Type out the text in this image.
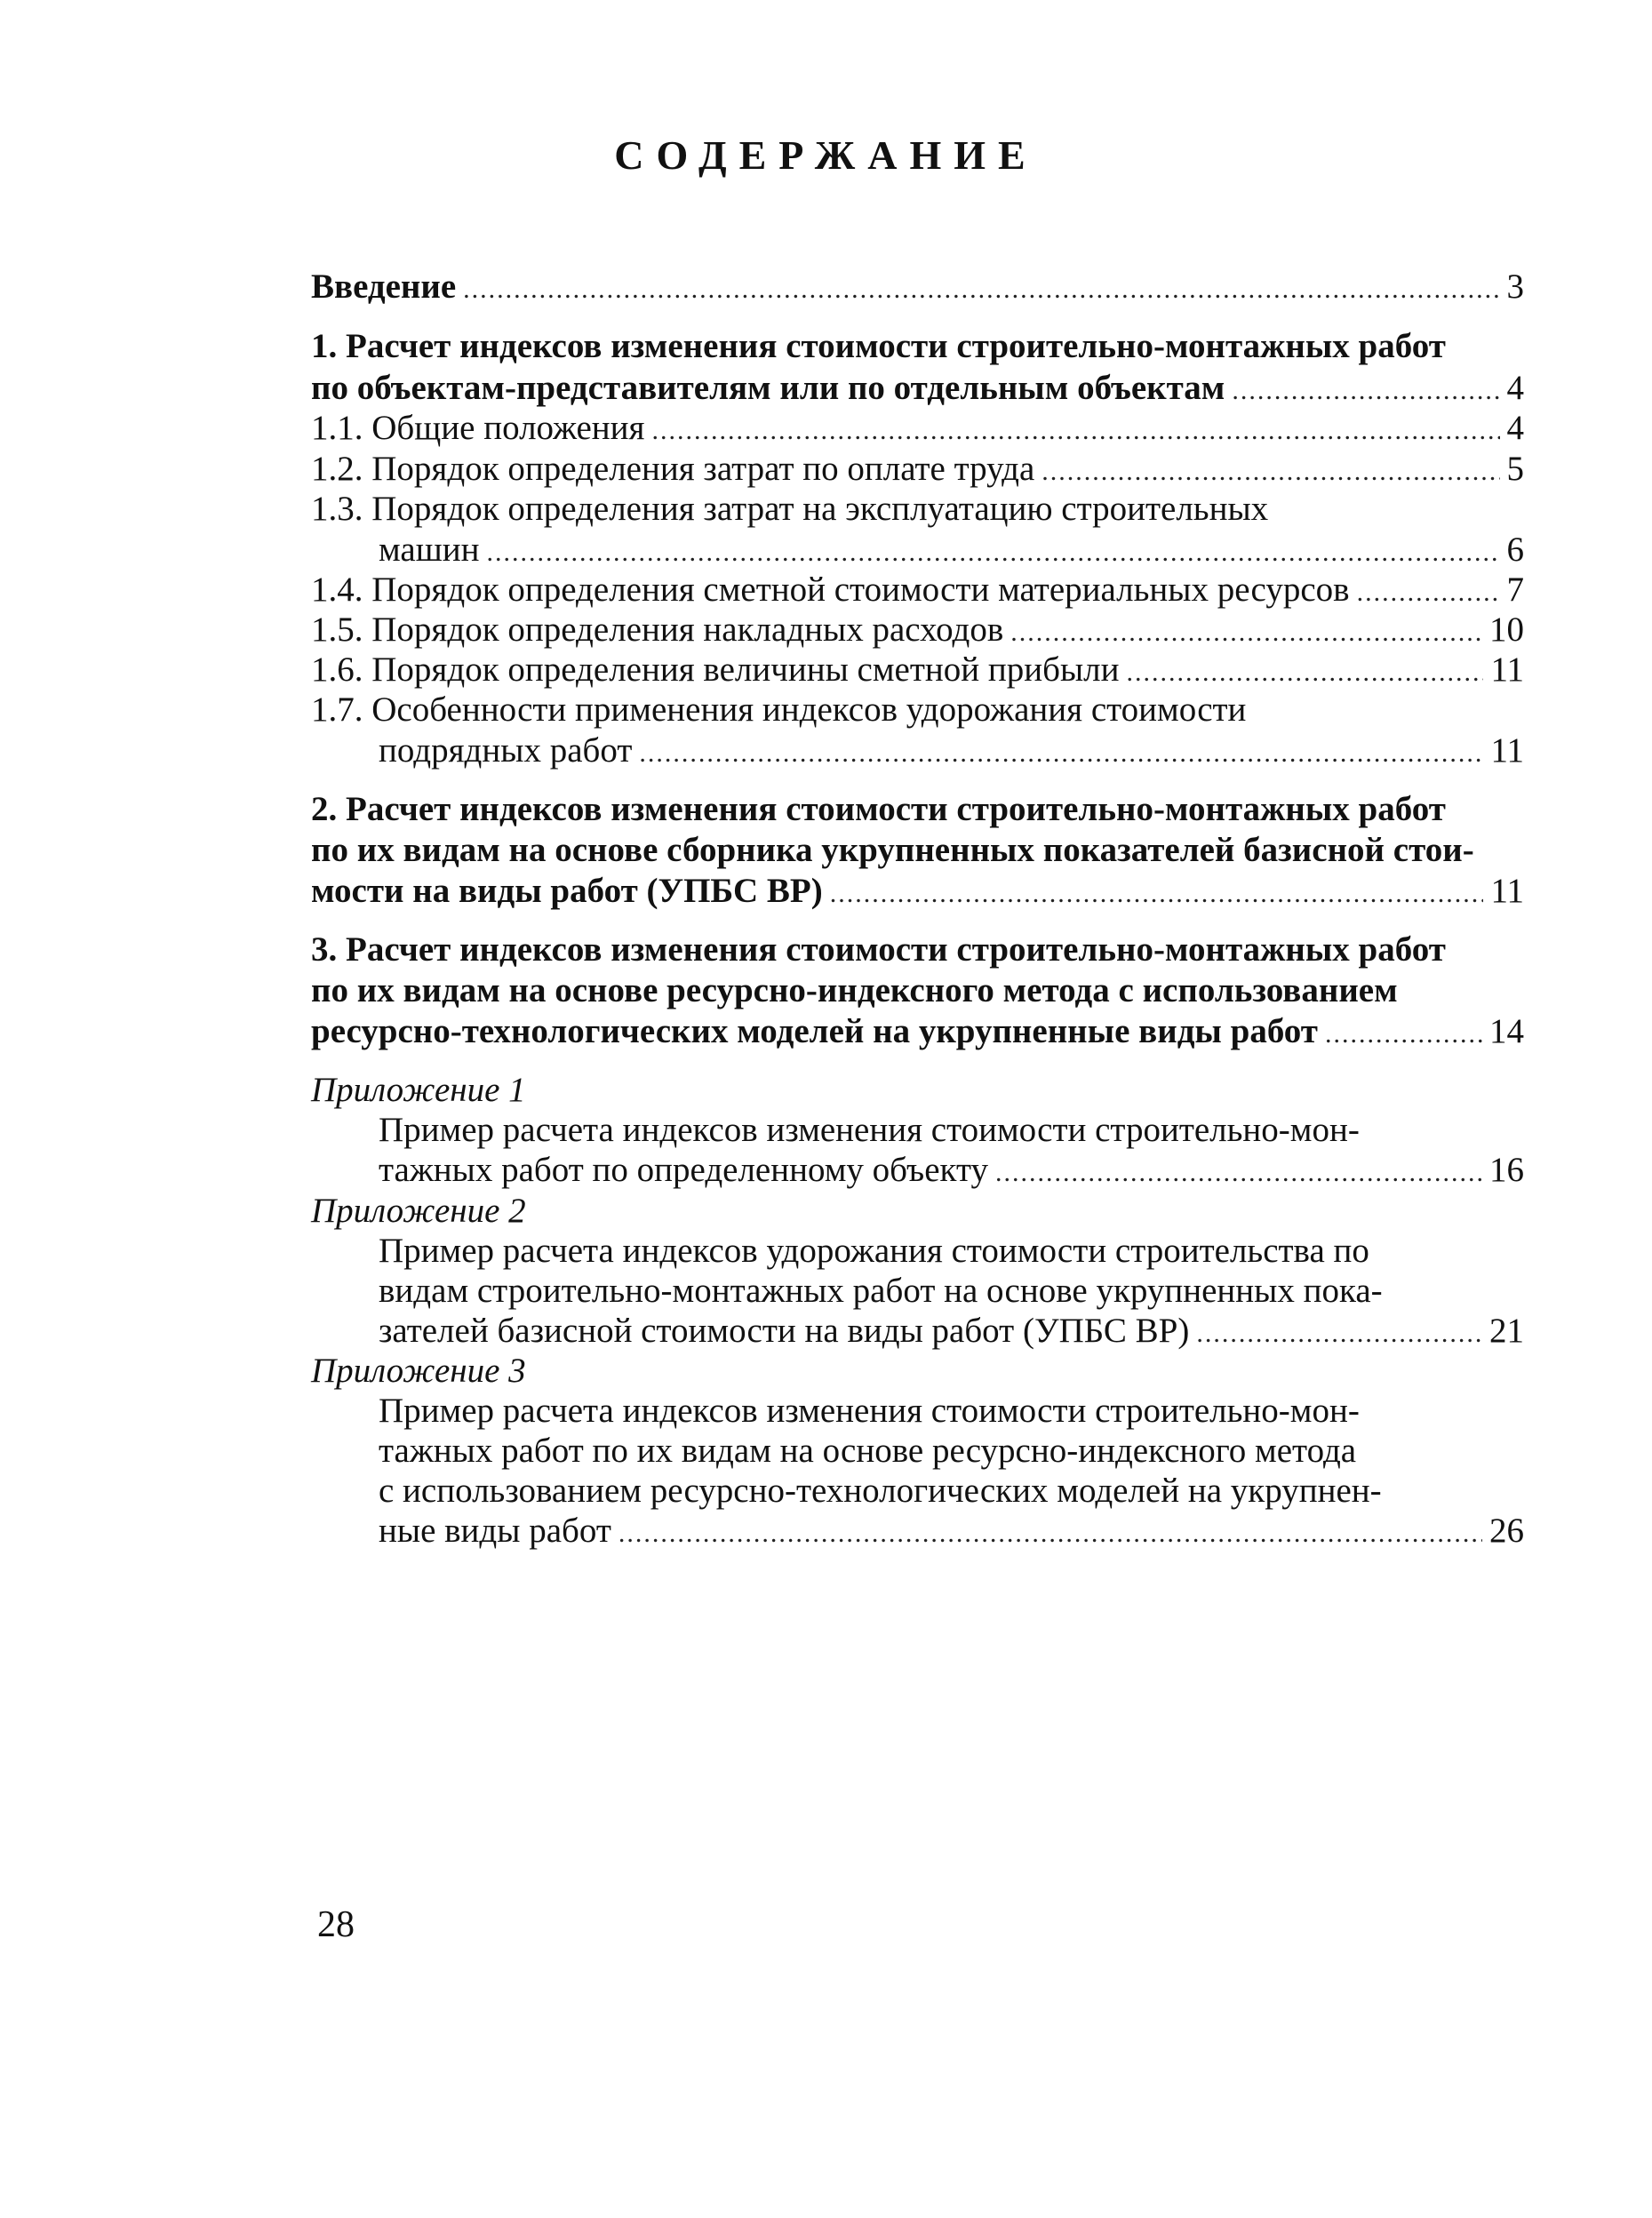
СОДЕРЖАНИЕ
Введение .....	3
1. Расчет индексов изменения стоимости строительно-монтажных работ
по объектам-представителям или по отдельным объектам .....	4
1.1. Общие положения .....	4
1.2. Порядок определения затрат по оплате труда .....	5
1.3. Порядок определения затрат на эксплуатацию строительных
машин .....	6
1.4. Порядок определения сметной стоимости материальных ресурсов .....	7
1.5. Порядок определения накладных расходов .....	10
1.6. Порядок определения величины сметной прибыли .....	11
1.7. Особенности применения индексов удорожания стоимости
подрядных работ .....	11
2. Расчет индексов изменения стоимости строительно-монтажных работ
по их видам на основе сборника укрупненных показателей базисной стои-
мости на виды работ (УПБС ВР) .....	11
3. Расчет индексов изменения стоимости строительно-монтажных работ
по их видам на основе ресурсно-индексного метода с использованием
ресурсно-технологических моделей на укрупненные виды работ .....	14
Приложение 1
Пример расчета индексов изменения стоимости строительно-мон-
тажных работ по определенному объекту .....	16
Приложение 2
Пример расчета индексов удорожания стоимости строительства по
видам строительно-монтажных работ на основе укрупненных пока-
зателей базисной стоимости на виды работ (УПБС ВР) .....	21
Приложение 3
Пример расчета индексов изменения стоимости строительно-мон-
тажных работ по их видам на основе ресурсно-индексного метода
с использованием ресурсно-технологических моделей на укрупнен-
ные виды работ .....	26
28
